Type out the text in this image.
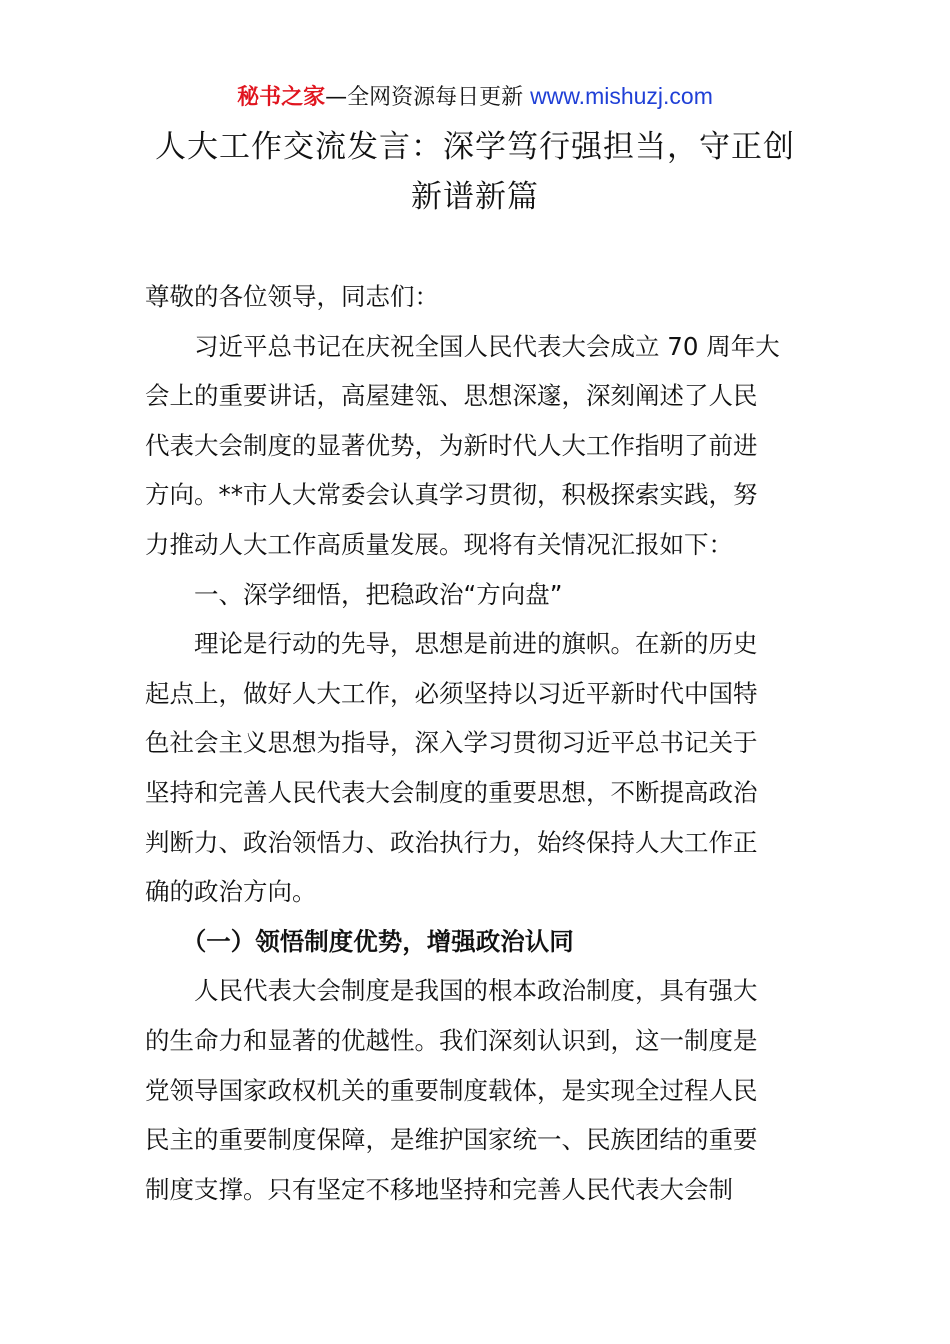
秘书之家—全网资源每日更新 www.mishuzj.com
人大工作交流发言：深学笃行强担当，守正创
新谱新篇
尊敬的各位领导，同志们：
　　习近平总书记在庆祝全国人民代表大会成立 70 周年大
会上的重要讲话，高屋建瓴、思想深邃，深刻阐述了人民
代表大会制度的显著优势，为新时代人大工作指明了前进
方向。**市人大常委会认真学习贯彻，积极探索实践，努
力推动人大工作高质量发展。现将有关情况汇报如下：
　　一、深学细悟，把稳政治“方向盘”
　　理论是行动的先导，思想是前进的旗帜。在新的历史
起点上，做好人大工作，必须坚持以习近平新时代中国特
色社会主义思想为指导，深入学习贯彻习近平总书记关于
坚持和完善人民代表大会制度的重要思想，不断提高政治
判断力、政治领悟力、政治执行力，始终保持人大工作正
确的政治方向。
　　（一）领悟制度优势，增强政治认同
　　人民代表大会制度是我国的根本政治制度，具有强大
的生命力和显著的优越性。我们深刻认识到，这一制度是
党领导国家政权机关的重要制度载体，是实现全过程人民
民主的重要制度保障，是维护国家统一、民族团结的重要
制度支撑。只有坚定不移地坚持和完善人民代表大会制
